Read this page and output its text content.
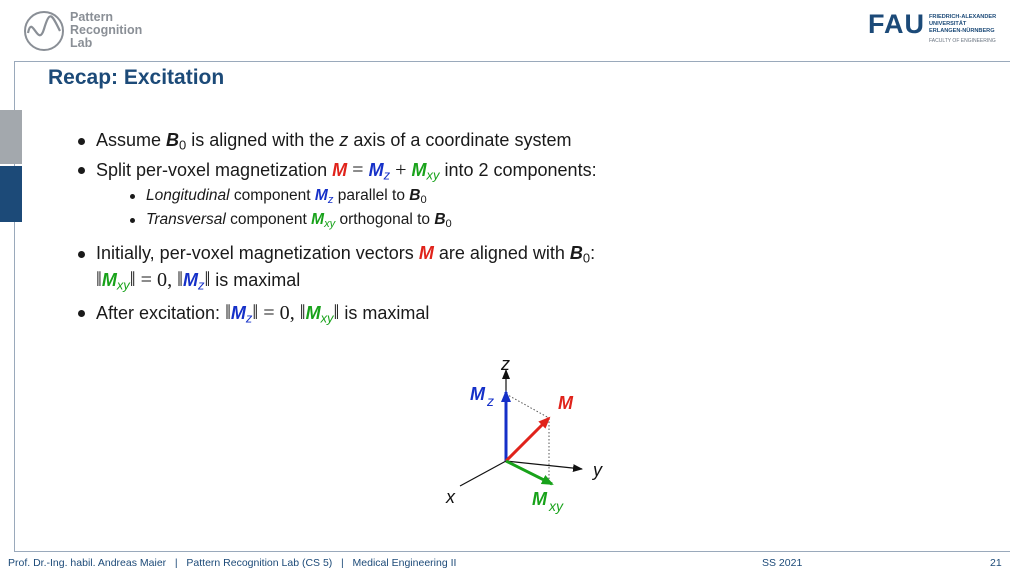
Pattern
Recognition
Lab
FAU FRIEDRICH-ALEXANDER
UNIVERSITÄT
ERLANGEN-NÜRNBERG
FACULTY OF ENGINEERING
Recap: Excitation
Assume $B_0$ is aligned with the z axis of a coordinate system
Split per-voxel magnetization $M = M_z + M_{xy}$ into 2 components:
Longitudinal component $M_z$ parallel to $B_0$
Transversal component $M_{xy}$ orthogonal to $B_0$
Initially, per-voxel magnetization vectors M are aligned with $B_0$:
$‖M_{xy}‖ = 0$, $‖M_z‖$ is maximal
After excitation: $‖M_z‖ = 0$, $‖M_{xy}‖$ is maximal
z
y
x
M
M z
M xy
Prof. Dr.-Ing. habil. Andreas Maier   |   Pattern Recognition Lab (CS 5)   |   Medical Engineering II	SS 2021	21
